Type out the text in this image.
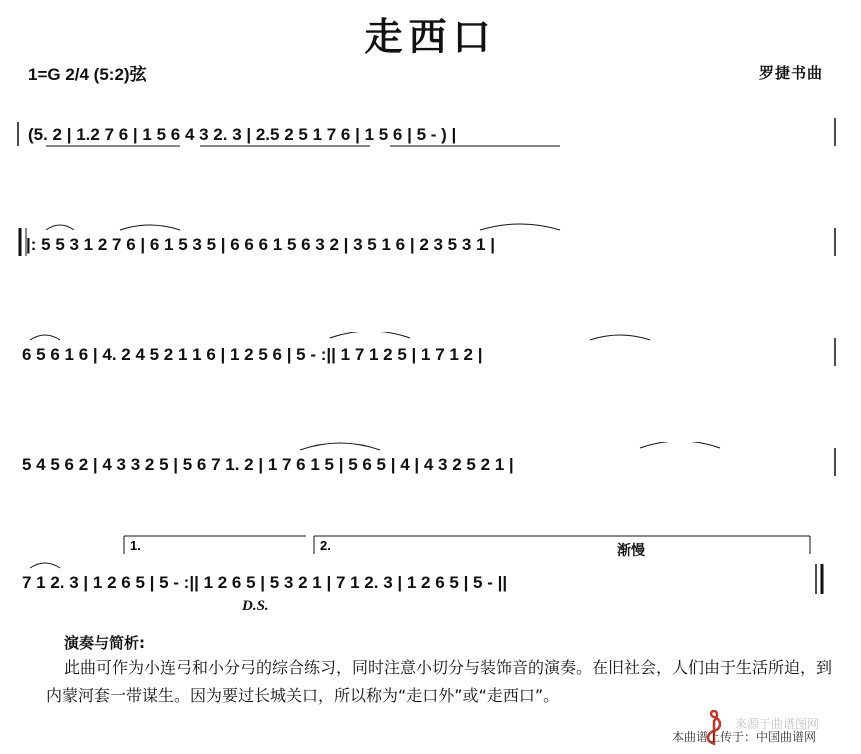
走西口
1=G 2/4 (5:2)弦	罗捷书曲
(5. 2 | 1.2 7 6 | 1 5 6 4 3 2. 3 | 2.5 2 5 1 7 6 | 1 5 6 | 5 - ) |
|: 5 5 3 1 2 7 6 | 6 1 5 3 5 | 6 6 6 1 5 6 3 2 | 3 5 1 6 | 2 3 5 3 1 |
6 5 6 1 6 | 4. 2 4 5 2 1 1 6 | 1 2 5 6 | 5 - :|| 1 7 1 2 5 | 1 7 1 2 |
5 4 5 6 2 | 4 3 3 2 5 | 5 6 7 1. 2 | 1 7 6 1 5 | 5 6 5 | 4 | 4 3 2 5 2 1 |
1.	2.	渐慢
7 1 2. 3 | 1 2 6 5 | 5 - :|| 1 2 6 5 | 5 3 2 1 | 7 1 2. 3 | 1 2 6 5 | 5 - ||
D.S.
演奏与简析:
此曲可作为小连弓和小分弓的综合练习，同时注意小切分与装饰音的演奏。在旧社会，人们由于生活所迫，到内蒙河套一带谋生。因为要过长城关口，所以称为“走口外”或“走西口”。
来源于曲谱图网
本曲谱上传于：中国曲谱网
